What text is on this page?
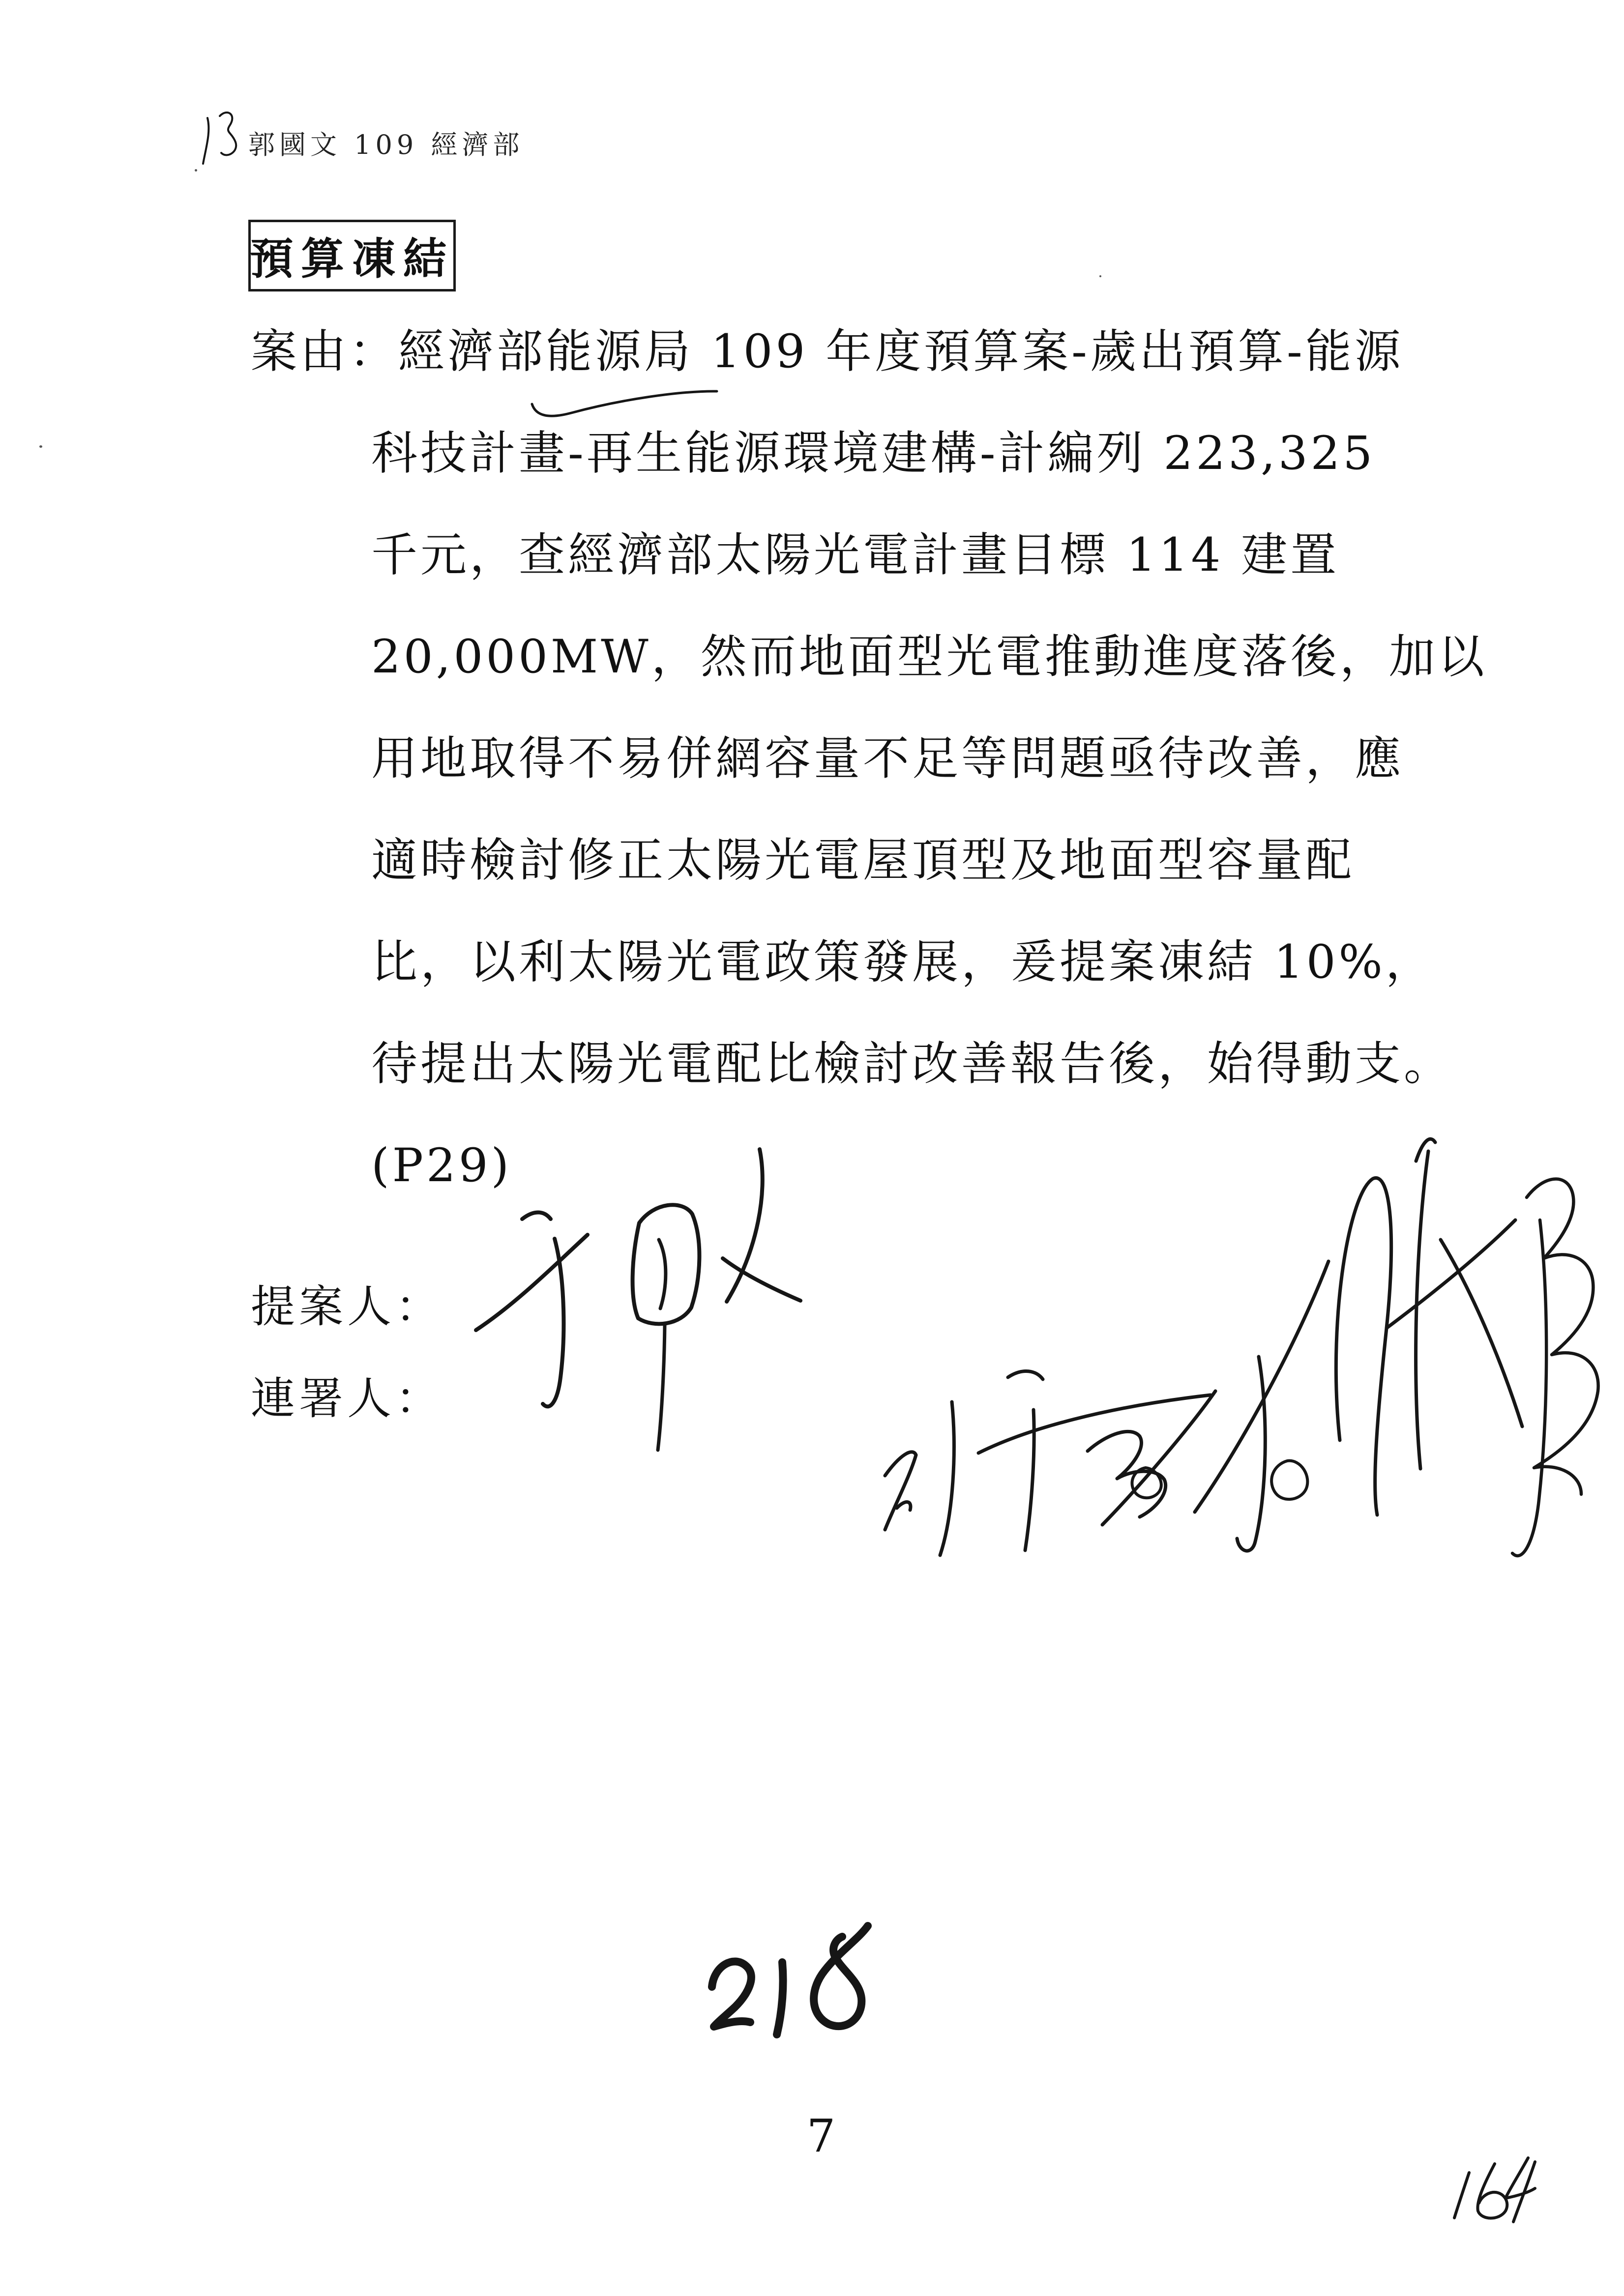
郭國文 109 經濟部
預算凍結
案由：經濟部能源局 109 年度預算案-歲出預算-能源
科技計畫-再生能源環境建構-計編列 223,325
千元，查經濟部太陽光電計畫目標 114 建置
20,000MW，然而地面型光電推動進度落後，加以
用地取得不易併網容量不足等問題亟待改善，應
適時檢討修正太陽光電屋頂型及地面型容量配
比，以利太陽光電政策發展，爰提案凍結 10%，
待提出太陽光電配比檢討改善報告後，始得動支。
(P29)
提案人：
連署人：
7
